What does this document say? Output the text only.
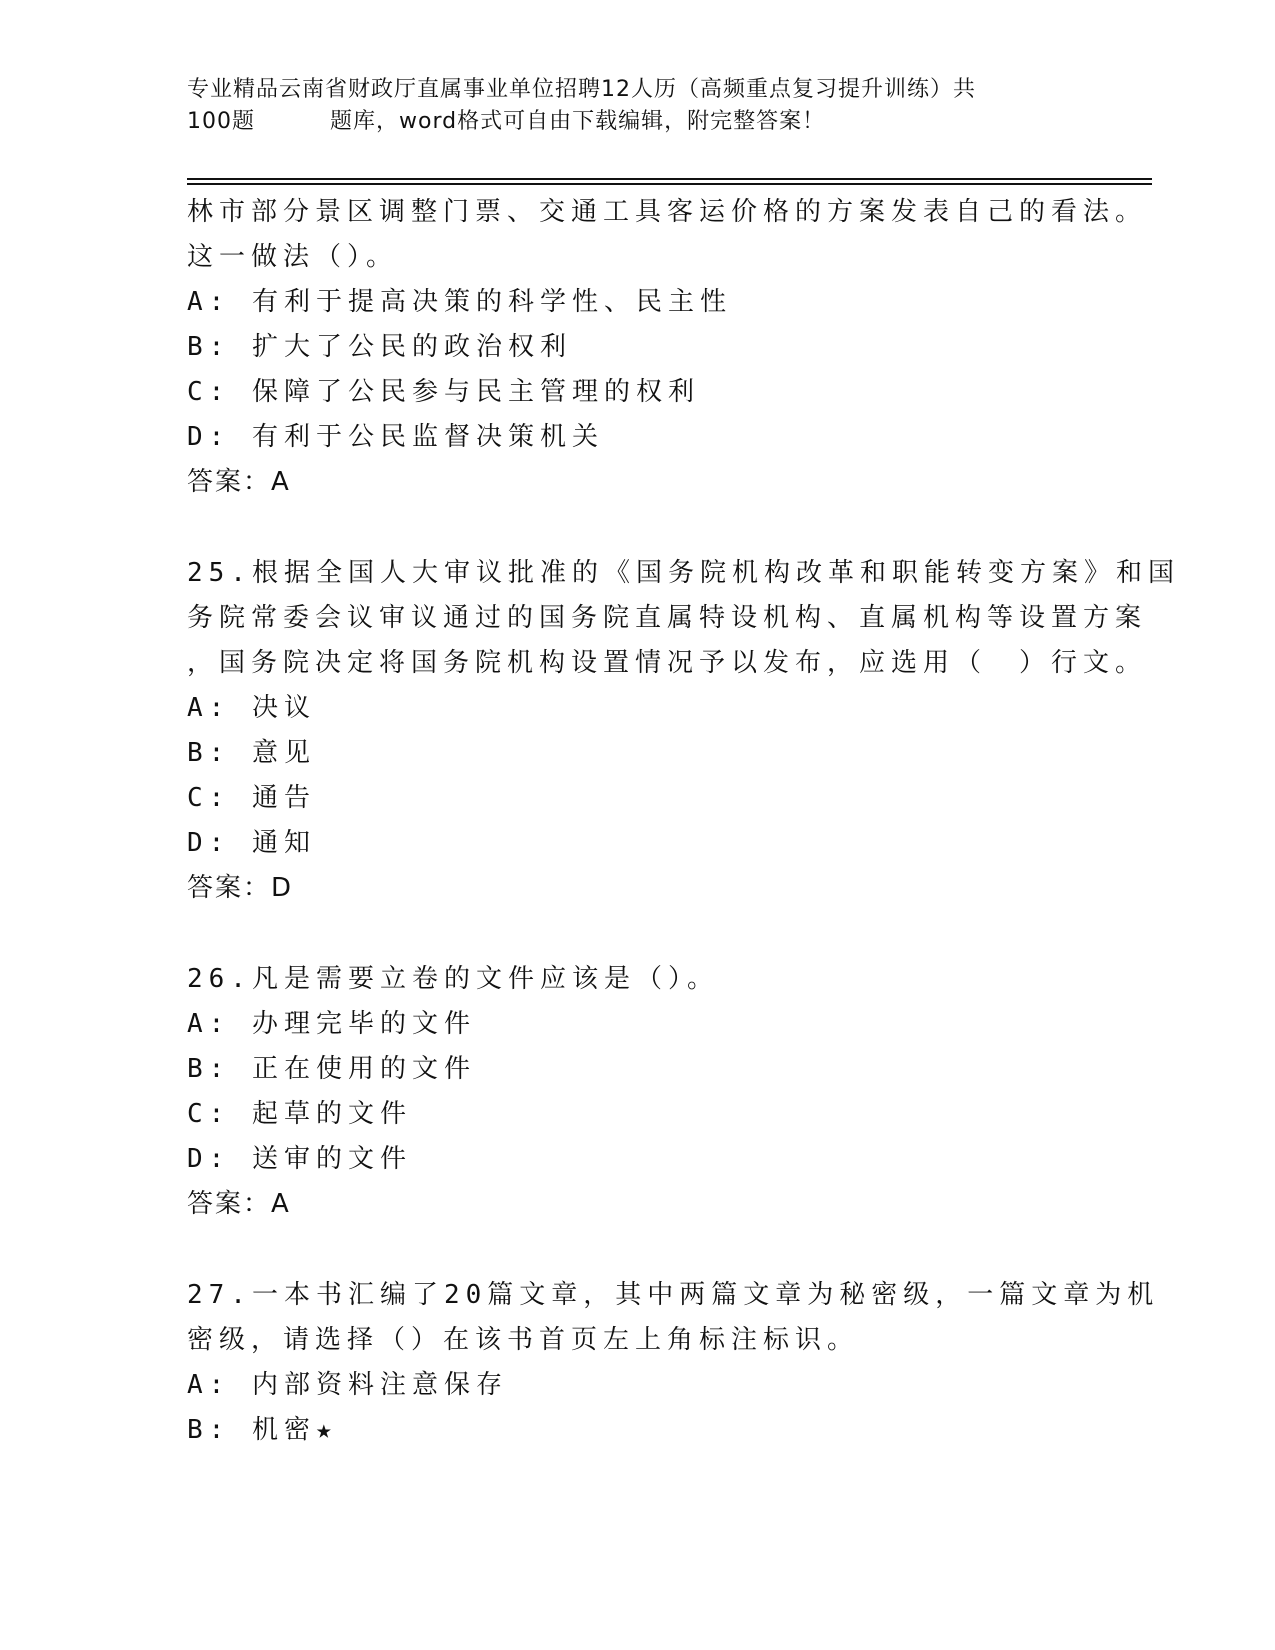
专业精品云南省财政厅直属事业单位招聘12人历（高频重点复习提升训练）共
100题	题库，word格式可自由下载编辑，附完整答案！
林市部分景区调整门票、交通工具客运价格的方案发表自己的看法。
这一做法（）。
A: 有利于提高决策的科学性、民主性
B: 扩大了公民的政治权利
C: 保障了公民参与民主管理的权利
D: 有利于公民监督决策机关
答案：A
25.根据全国人大审议批准的《国务院机构改革和职能转变方案》和国
务院常委会议审议通过的国务院直属特设机构、直属机构等设置方案
，国务院决定将国务院机构设置情况予以发布，应选用（　）行文。
A: 决议
B: 意见
C: 通告
D: 通知
答案：D
26.凡是需要立卷的文件应该是（）。
A: 办理完毕的文件
B: 正在使用的文件
C: 起草的文件
D: 送审的文件
答案：A
27.一本书汇编了20篇文章，其中两篇文章为秘密级，一篇文章为机
密级，请选择（）在该书首页左上角标注标识。
A: 内部资料注意保存
B: 机密★
